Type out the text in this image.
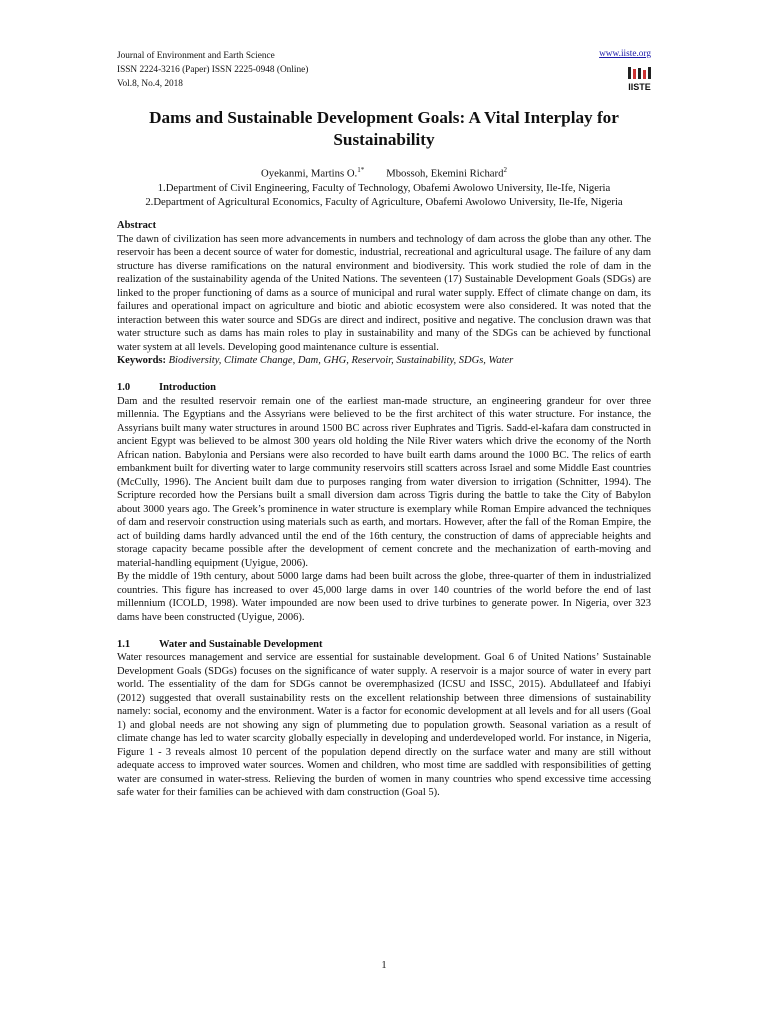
Journal of Environment and Earth Science
ISSN 2224-3216 (Paper) ISSN 2225-0948 (Online)
Vol.8, No.4, 2018
www.iiste.org
IISTE
Dams and Sustainable Development Goals: A Vital Interplay for Sustainability
Oyekanmi, Martins O.$^{1*}$ Mbossoh, Ekemini Richard$^2$
1.Department of Civil Engineering, Faculty of Technology, Obafemi Awolowo University, Ile-Ife, Nigeria
2.Department of Agricultural Economics, Faculty of Agriculture, Obafemi Awolowo University, Ile-Ife, Nigeria

Abstract

The dawn of civilization has seen more advancements in numbers and technology of dam across the globe than any other. The reservoir has been a decent source of water for domestic, industrial, recreational and agricultural usage. The failure of any dam structure has diverse ramifications on the natural environment and biodiversity. This work studied the role of dam in the realization of the sustainability agenda of the United Nations. The seventeen (17) Sustainable Development Goals (SDGs) are linked to the proper functioning of dams as a source of municipal and rural water supply. Effect of climate change on dam, its failures and operational impact on agriculture and biotic and abiotic ecosystem were also considered. It was noted that the interaction between this water source and SDGs are direct and indirect, positive and negative. The conclusion drawn was that water structure such as dams has main roles to play in sustainability and many of the SDGs can be achieved by functional water system at all levels. Developing good maintenance culture is essential.

Keywords: Biodiversity, Climate Change, Dam, GHG, Reservoir, Sustainability, SDGs, Water

1.0	Introduction

Dam and the resulted reservoir remain one of the earliest man-made structure, an engineering grandeur for over three millennia. The Egyptians and the Assyrians were believed to be the first architect of this water structure. For instance, the Assyrians built many water structures in around 1500 BC across river Euphrates and Tigris. Sadd-el-kafara dam constructed in ancient Egypt was believed to be almost 300 years old holding the Nile River waters which drive the economy of the North African nation. Babylonia and Persians were also recorded to have built earth dams around the 1000 BC. The relics of earth embankment built for diverting water to large community reservoirs still scatters across Israel and some Middle East countries (McCully, 1996). The Ancient built dam due to purposes ranging from water diversion to irrigation (Schnitter, 1994). The Scripture recorded how the Persians built a small diversion dam across Tigris during the battle to take the City of Babylon about 3000 years ago. The Greek’s prominence in water structure is exemplary while Roman Empire advanced the techniques of dam and reservoir construction using materials such as earth, and mortars. However, after the fall of the Roman Empire, the act of building dams hardly advanced until the end of the 16th century, the construction of dams of appreciable heights and storage capacity became possible after the development of cement concrete and the mechanization of earth-moving and material-handling equipment (Uyigue, 2006).

By the middle of 19th century, about 5000 large dams had been built across the globe, three-quarter of them in industrialized countries. This figure has increased to over 45,000 large dams in over 140 countries of the world before the end of last millennium (ICOLD, 1998). Water impounded are now been used to drive turbines to generate power. In Nigeria, over 323 dams have been constructed (Uyigue, 2006).

1.1	Water and Sustainable Development

Water resources management and service are essential for sustainable development. Goal 6 of United Nations’ Sustainable Development Goals (SDGs) focuses on the significance of water supply. A reservoir is a major source of water in every part world. The essentiality of the dam for SDGs cannot be overemphasized (ICSU and ISSC, 2015). Abdullateef and Ifabiyi (2012) suggested that overall sustainability rests on the excellent relationship between three dimensions of sustainability namely: social, economy and the environment. Water is a factor for economic development at all levels and for all users (Goal 1) and global needs are not showing any sign of plummeting due to population growth. Seasonal variation as a result of climate change has led to water scarcity globally especially in developing and underdeveloped world. For instance, in Nigeria, Figure 1 - 3 reveals almost 10 percent of the population depend directly on the surface water and many are still without adequate access to improved water sources. Women and children, who most time are saddled with responsibilities of getting water are consumed in water-stress. Relieving the burden of women in many countries who spend excessive time accessing safe water for their families can be achieved with dam construction (Goal 5).

1
